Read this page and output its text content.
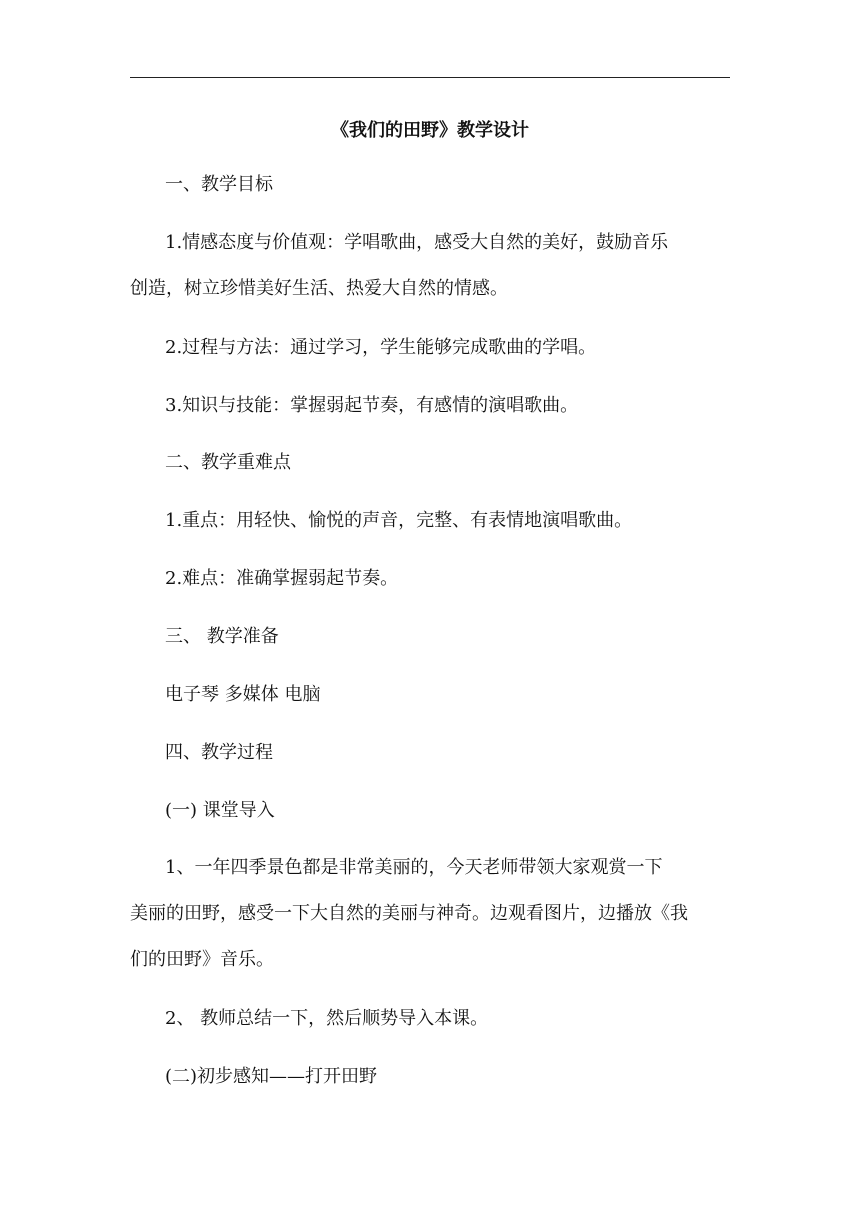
《我们的田野》教学设计
一、教学目标
1.情感态度与价值观：学唱歌曲，感受大自然的美好，鼓励音乐
创造，树立珍惜美好生活、热爱大自然的情感。
2.过程与方法：通过学习，学生能够完成歌曲的学唱。
3.知识与技能：掌握弱起节奏，有感情的演唱歌曲。
二、教学重难点
1.重点：用轻快、愉悦的声音，完整、有表情地演唱歌曲。
2.难点：准确掌握弱起节奏。
三、 教学准备
电子琴 多媒体 电脑
四、教学过程
(一) 课堂导入
1、一年四季景色都是非常美丽的，今天老师带领大家观赏一下
美丽的田野，感受一下大自然的美丽与神奇。边观看图片，边播放《我
们的田野》音乐。
2、 教师总结一下，然后顺势导入本课。
(二)初步感知——打开田野
